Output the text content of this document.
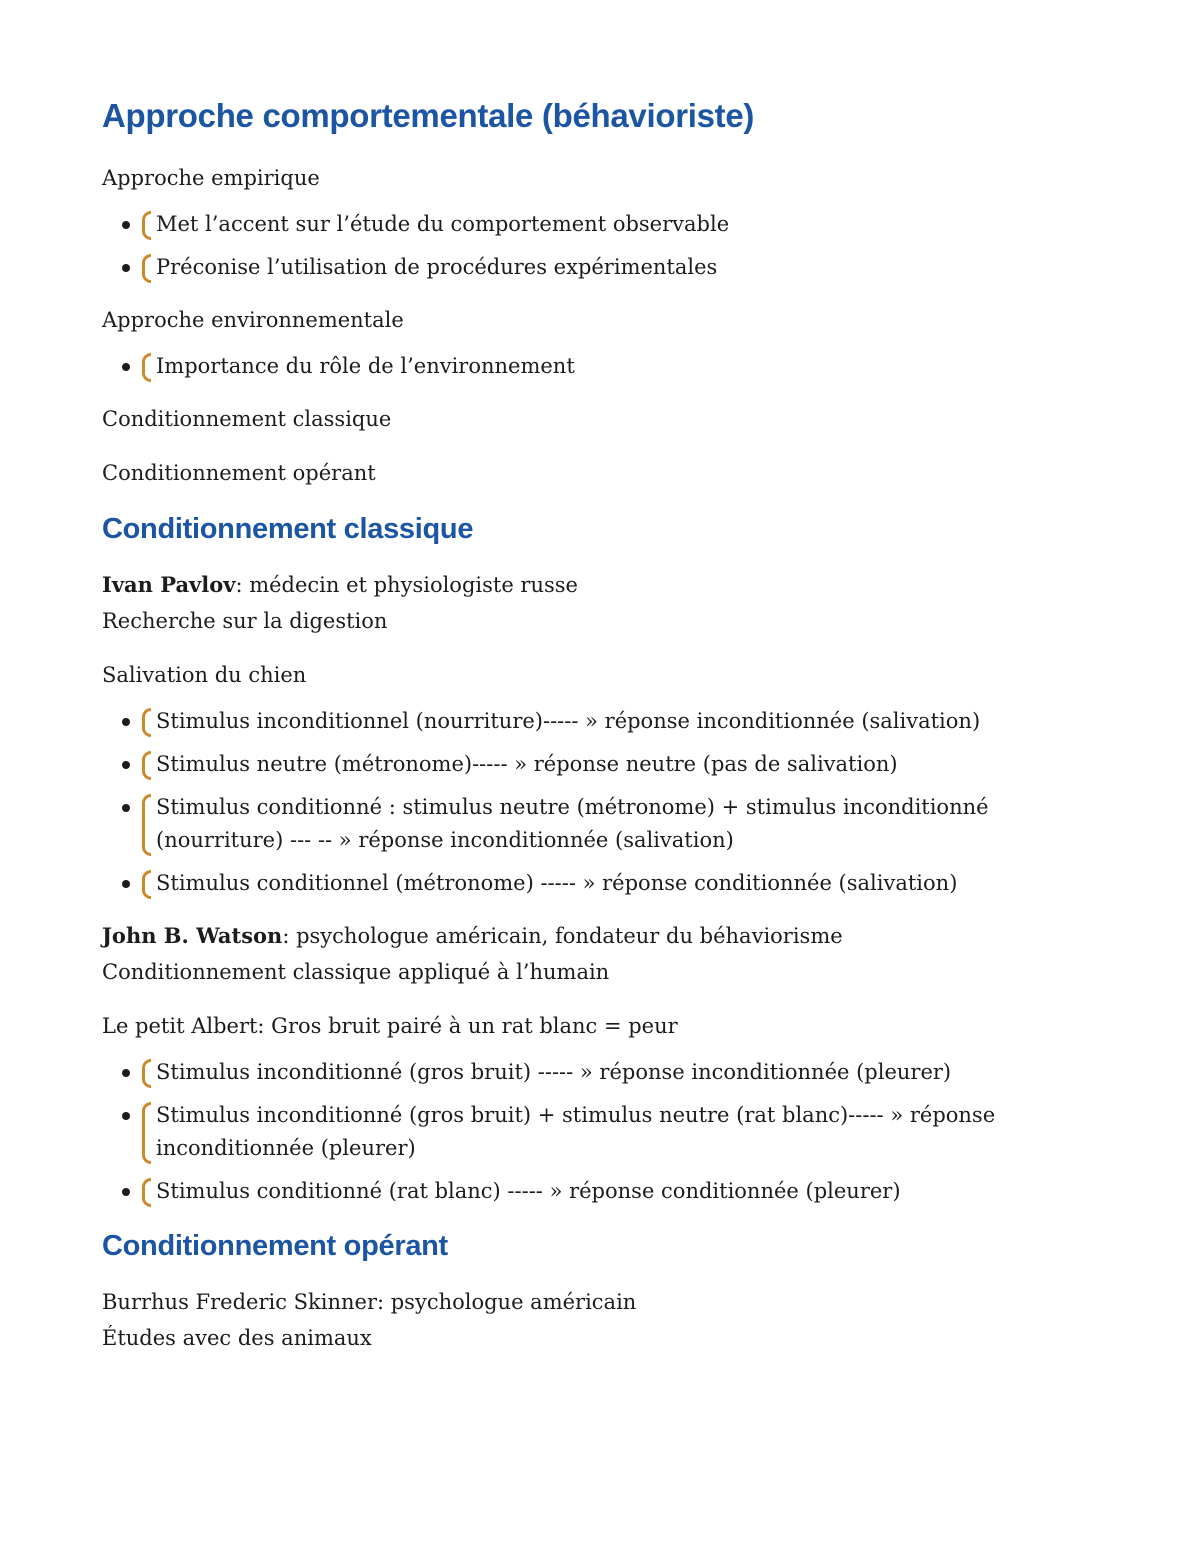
Approche comportementale (béhavioriste)

Approche empirique

Met l’accent sur l’étude du comportement observable
Préconise l’utilisation de procédures expérimentales

Approche environnementale

Importance du rôle de l’environnement

Conditionnement classique

Conditionnement opérant

Conditionnement classique

Ivan Pavlov: médecin et physiologiste russe

Recherche sur la digestion

Salivation du chien

Stimulus inconditionnel (nourriture)----- » réponse inconditionnée (salivation)
Stimulus neutre (métronome)----- » réponse neutre (pas de salivation)
Stimulus conditionné : stimulus neutre (métronome) + stimulus inconditionné (nourriture) --- -- » réponse inconditionnée (salivation)
Stimulus conditionnel (métronome) ----- » réponse conditionnée (salivation)

John B. Watson: psychologue américain, fondateur du béhaviorisme

Conditionnement classique appliqué à l’humain

Le petit Albert: Gros bruit pairé à un rat blanc = peur

Stimulus inconditionné (gros bruit) ----- » réponse inconditionnée (pleurer)
Stimulus inconditionné (gros bruit) + stimulus neutre (rat blanc)----- » réponse inconditionnée (pleurer)
Stimulus conditionné (rat blanc) ----- » réponse conditionnée (pleurer)
Conditionnement opérant

Burrhus Frederic Skinner: psychologue américain

Études avec des animaux
